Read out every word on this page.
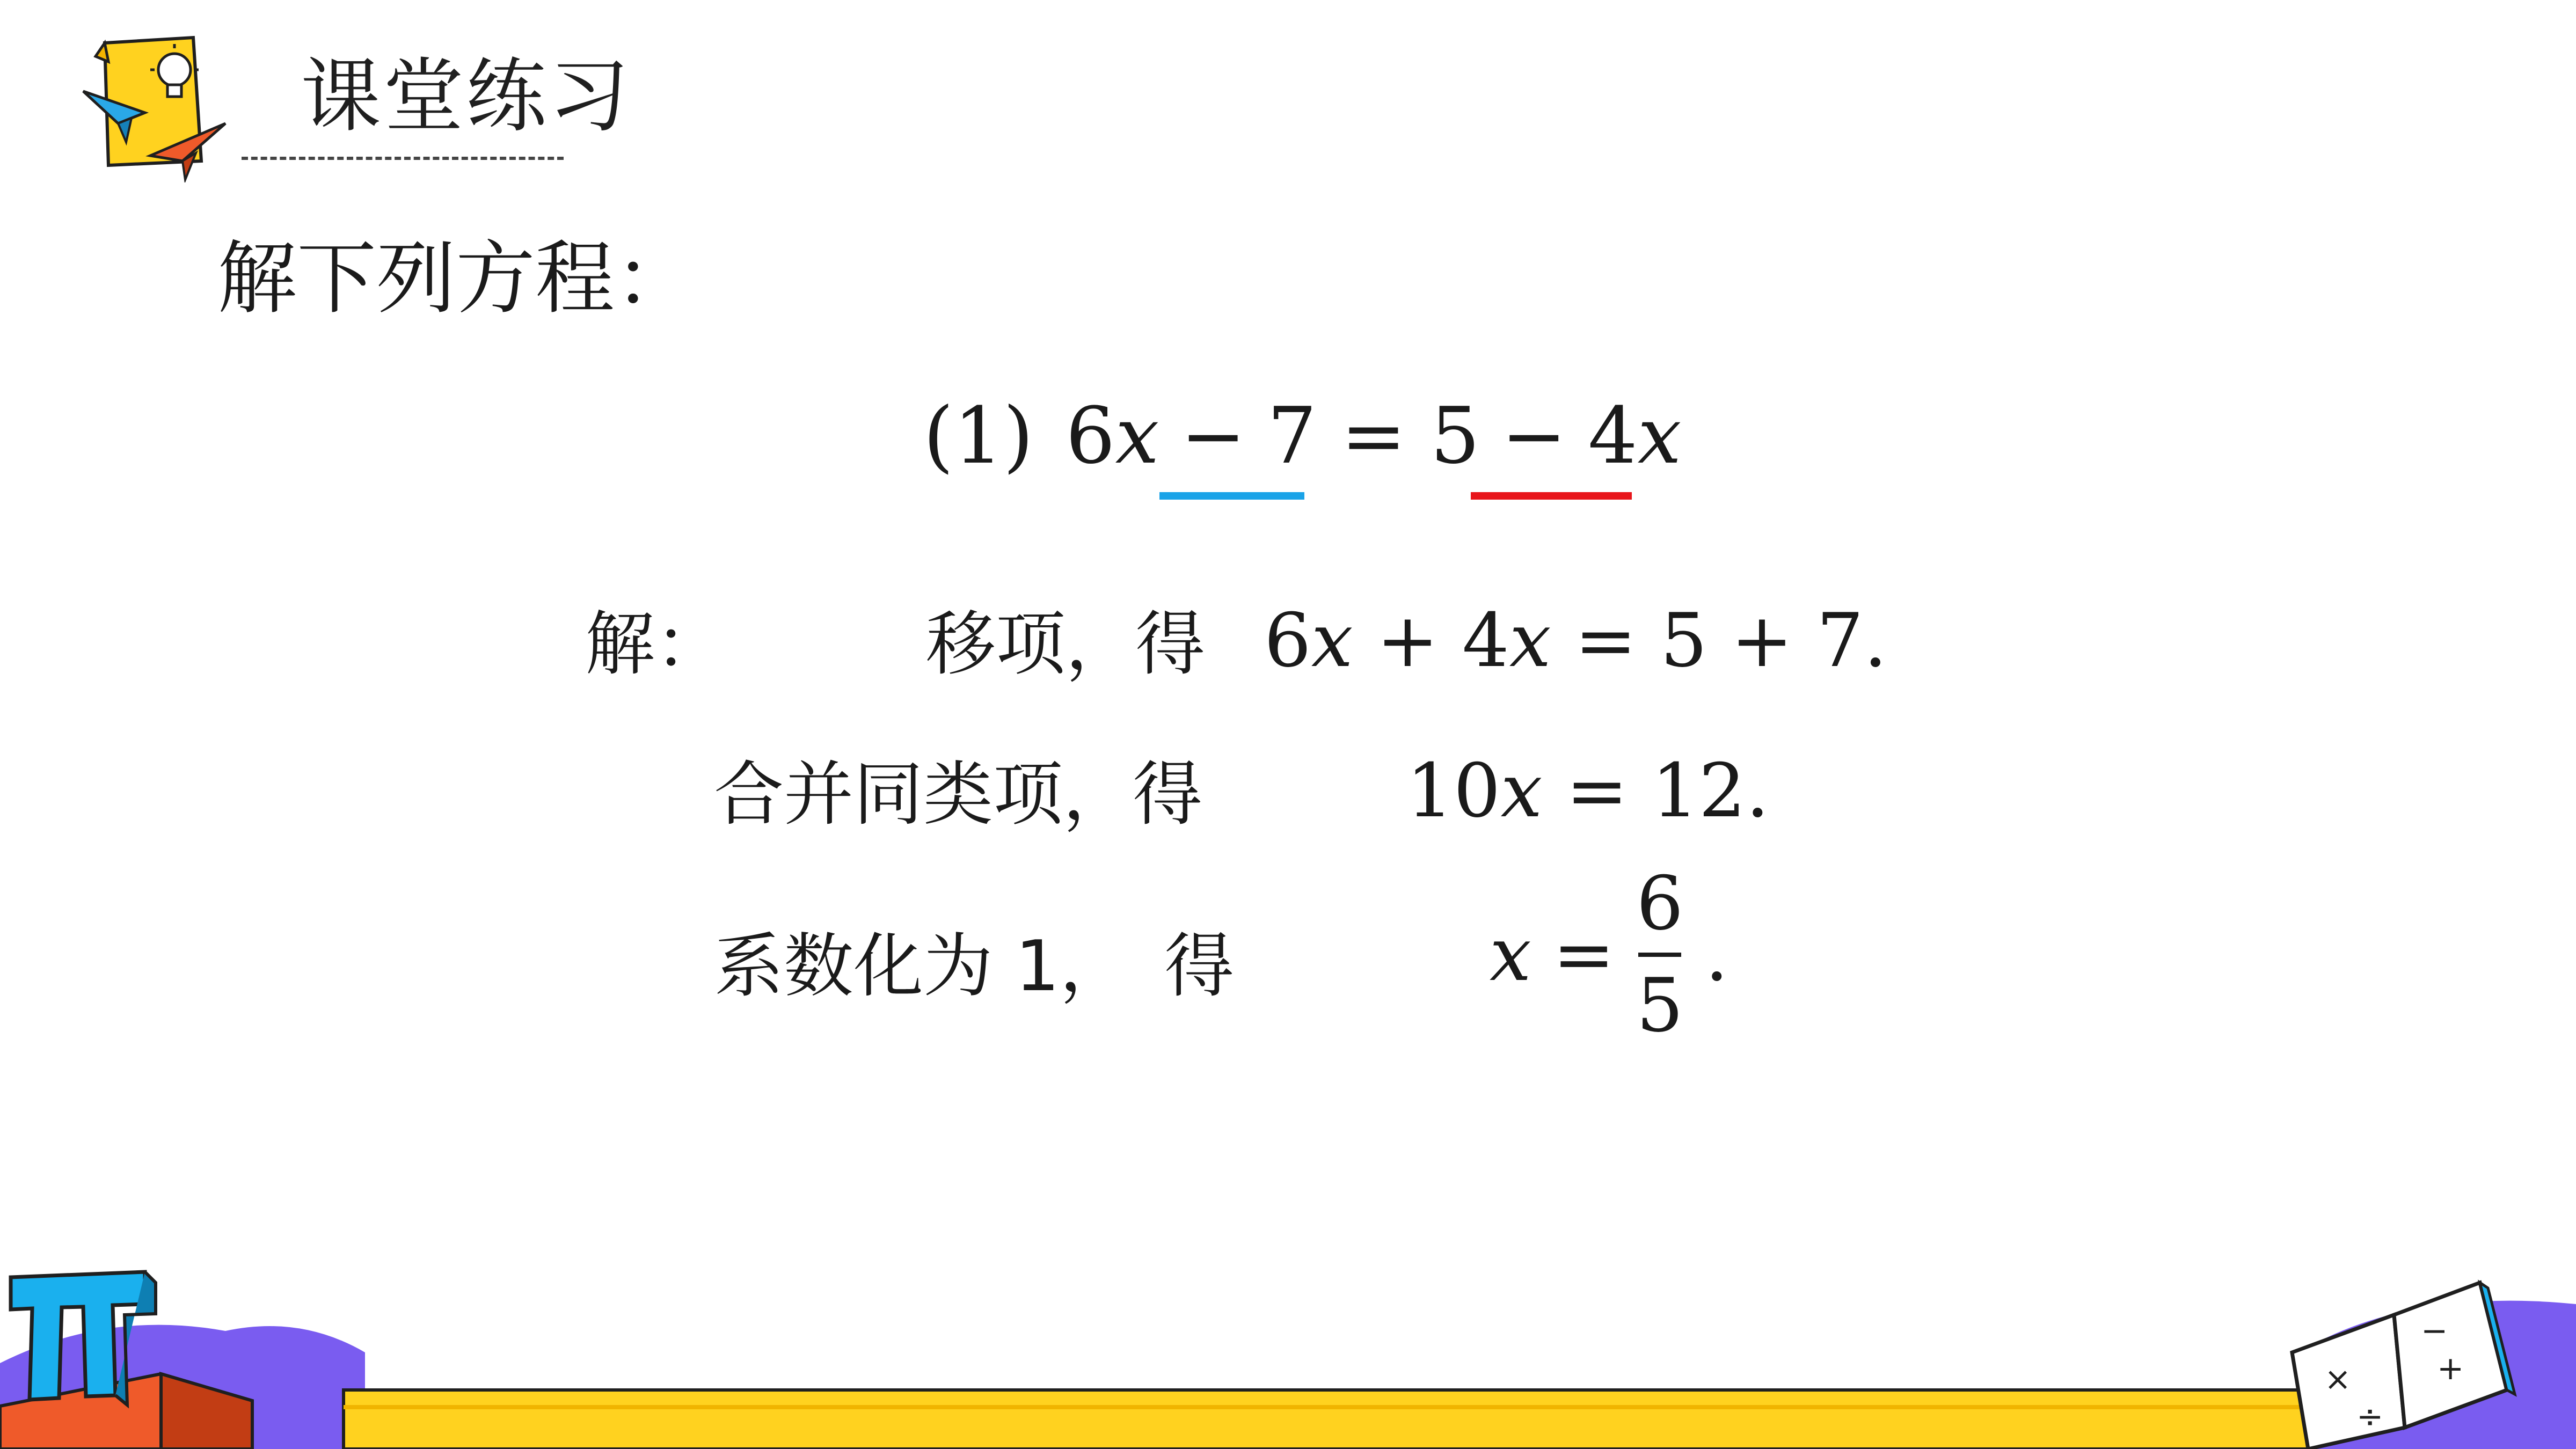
课堂练习
解下列方程：
(1) 6 x − 7 = 5 − 4x
解：	移项，得 6x + 4x = 5 + 7.
合并同类项，得	10x = 12.
系数化为 1，　得	x =
6
5
.
×
÷
−
+
